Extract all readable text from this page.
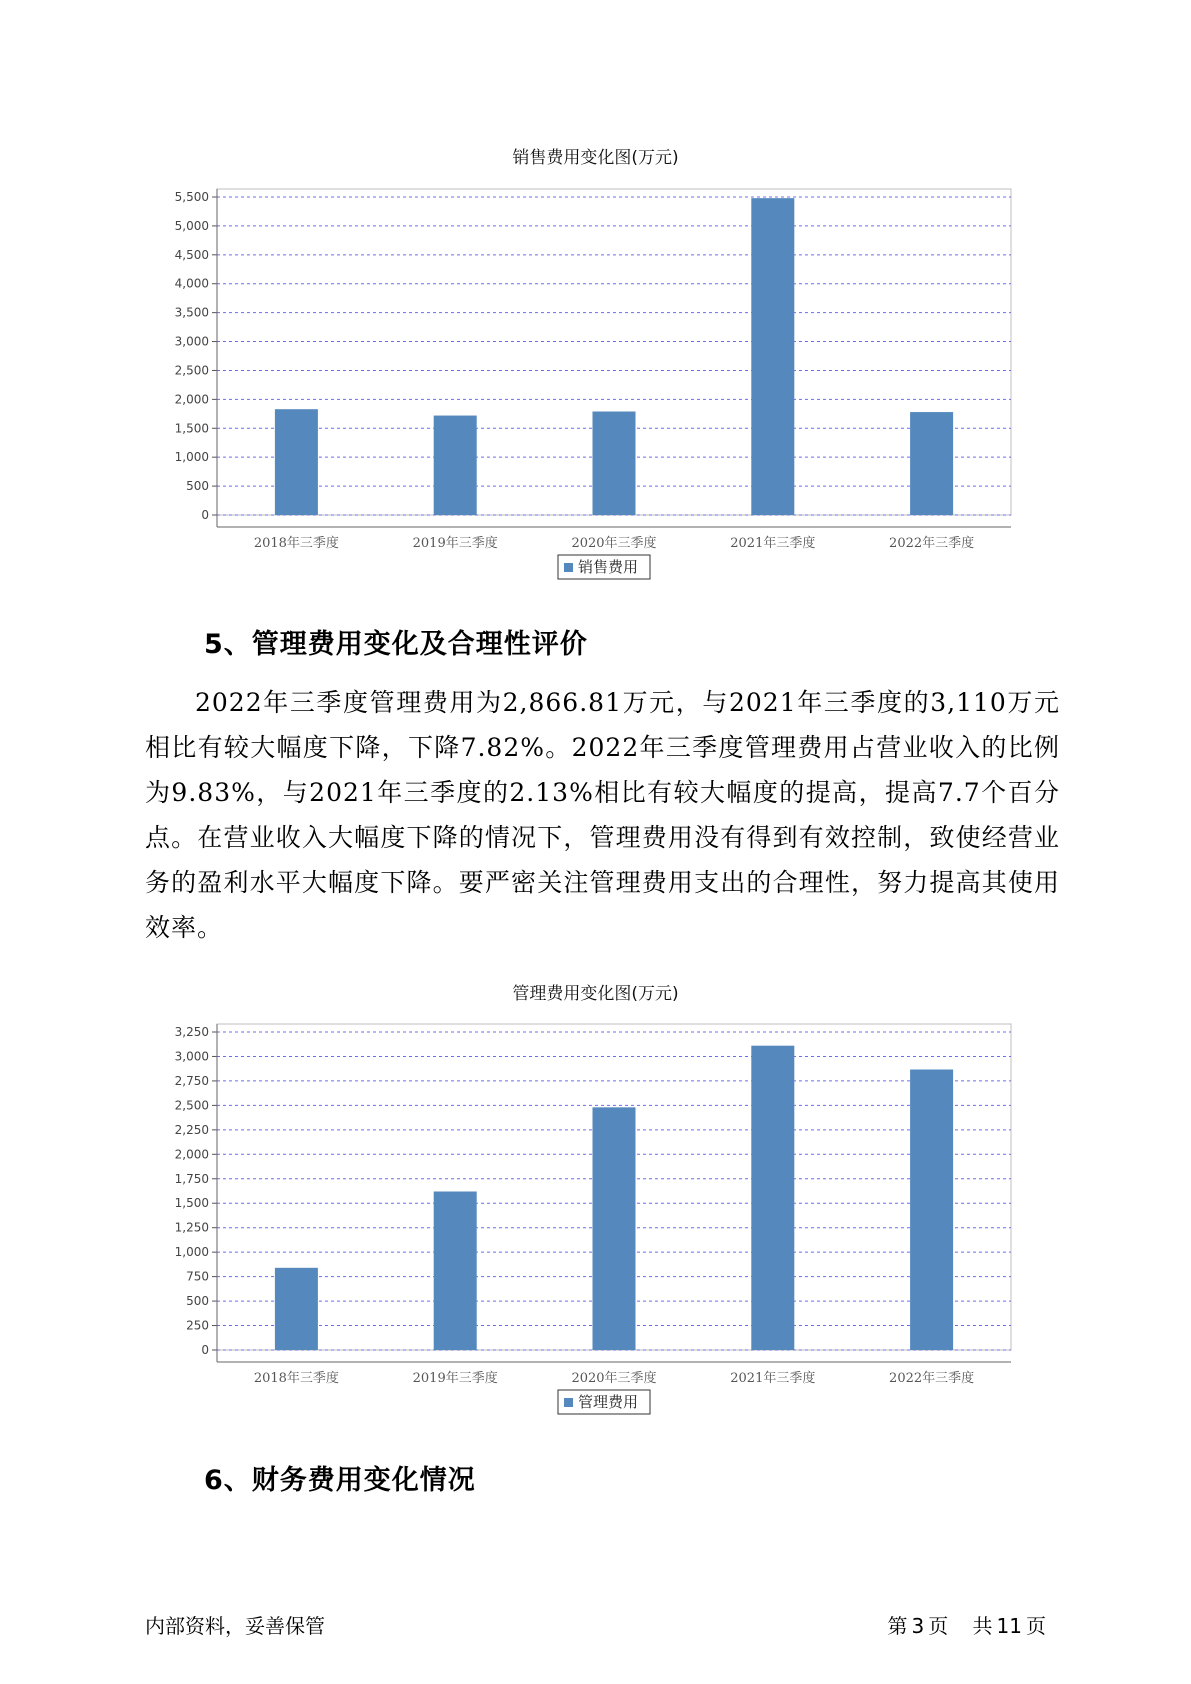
销售费用变化图(万元)
0
500
1,000
1,500
2,000
2,500
3,000
3,500
4,000
4,500
5,000
5,500
2018年三季度	2019年三季度	2020年三季度	2021年三季度	2022年三季度
销售费用
5、管理费用变化及合理性评价
2022年三季度管理费用为2,866.81万元，与2021年三季度的3,110万元相比有较大幅度下降，下降7.82%。2022年三季度管理费用占营业收入的比例为9.83%，与2021年三季度的2.13%相比有较大幅度的提高，提高7.7个百分点。在营业收入大幅度下降的情况下，管理费用没有得到有效控制，致使经营业务的盈利水平大幅度下降。要严密关注管理费用支出的合理性，努力提高其使用效率。
管理费用变化图(万元)
0
250
500
750
1,000
1,250
1,500
1,750
2,000
2,250
2,500
2,750
3,000
3,250
2018年三季度	2019年三季度	2020年三季度	2021年三季度	2022年三季度
管理费用
6、财务费用变化情况
内部资料，妥善保管	第 3 页 共 11 页
